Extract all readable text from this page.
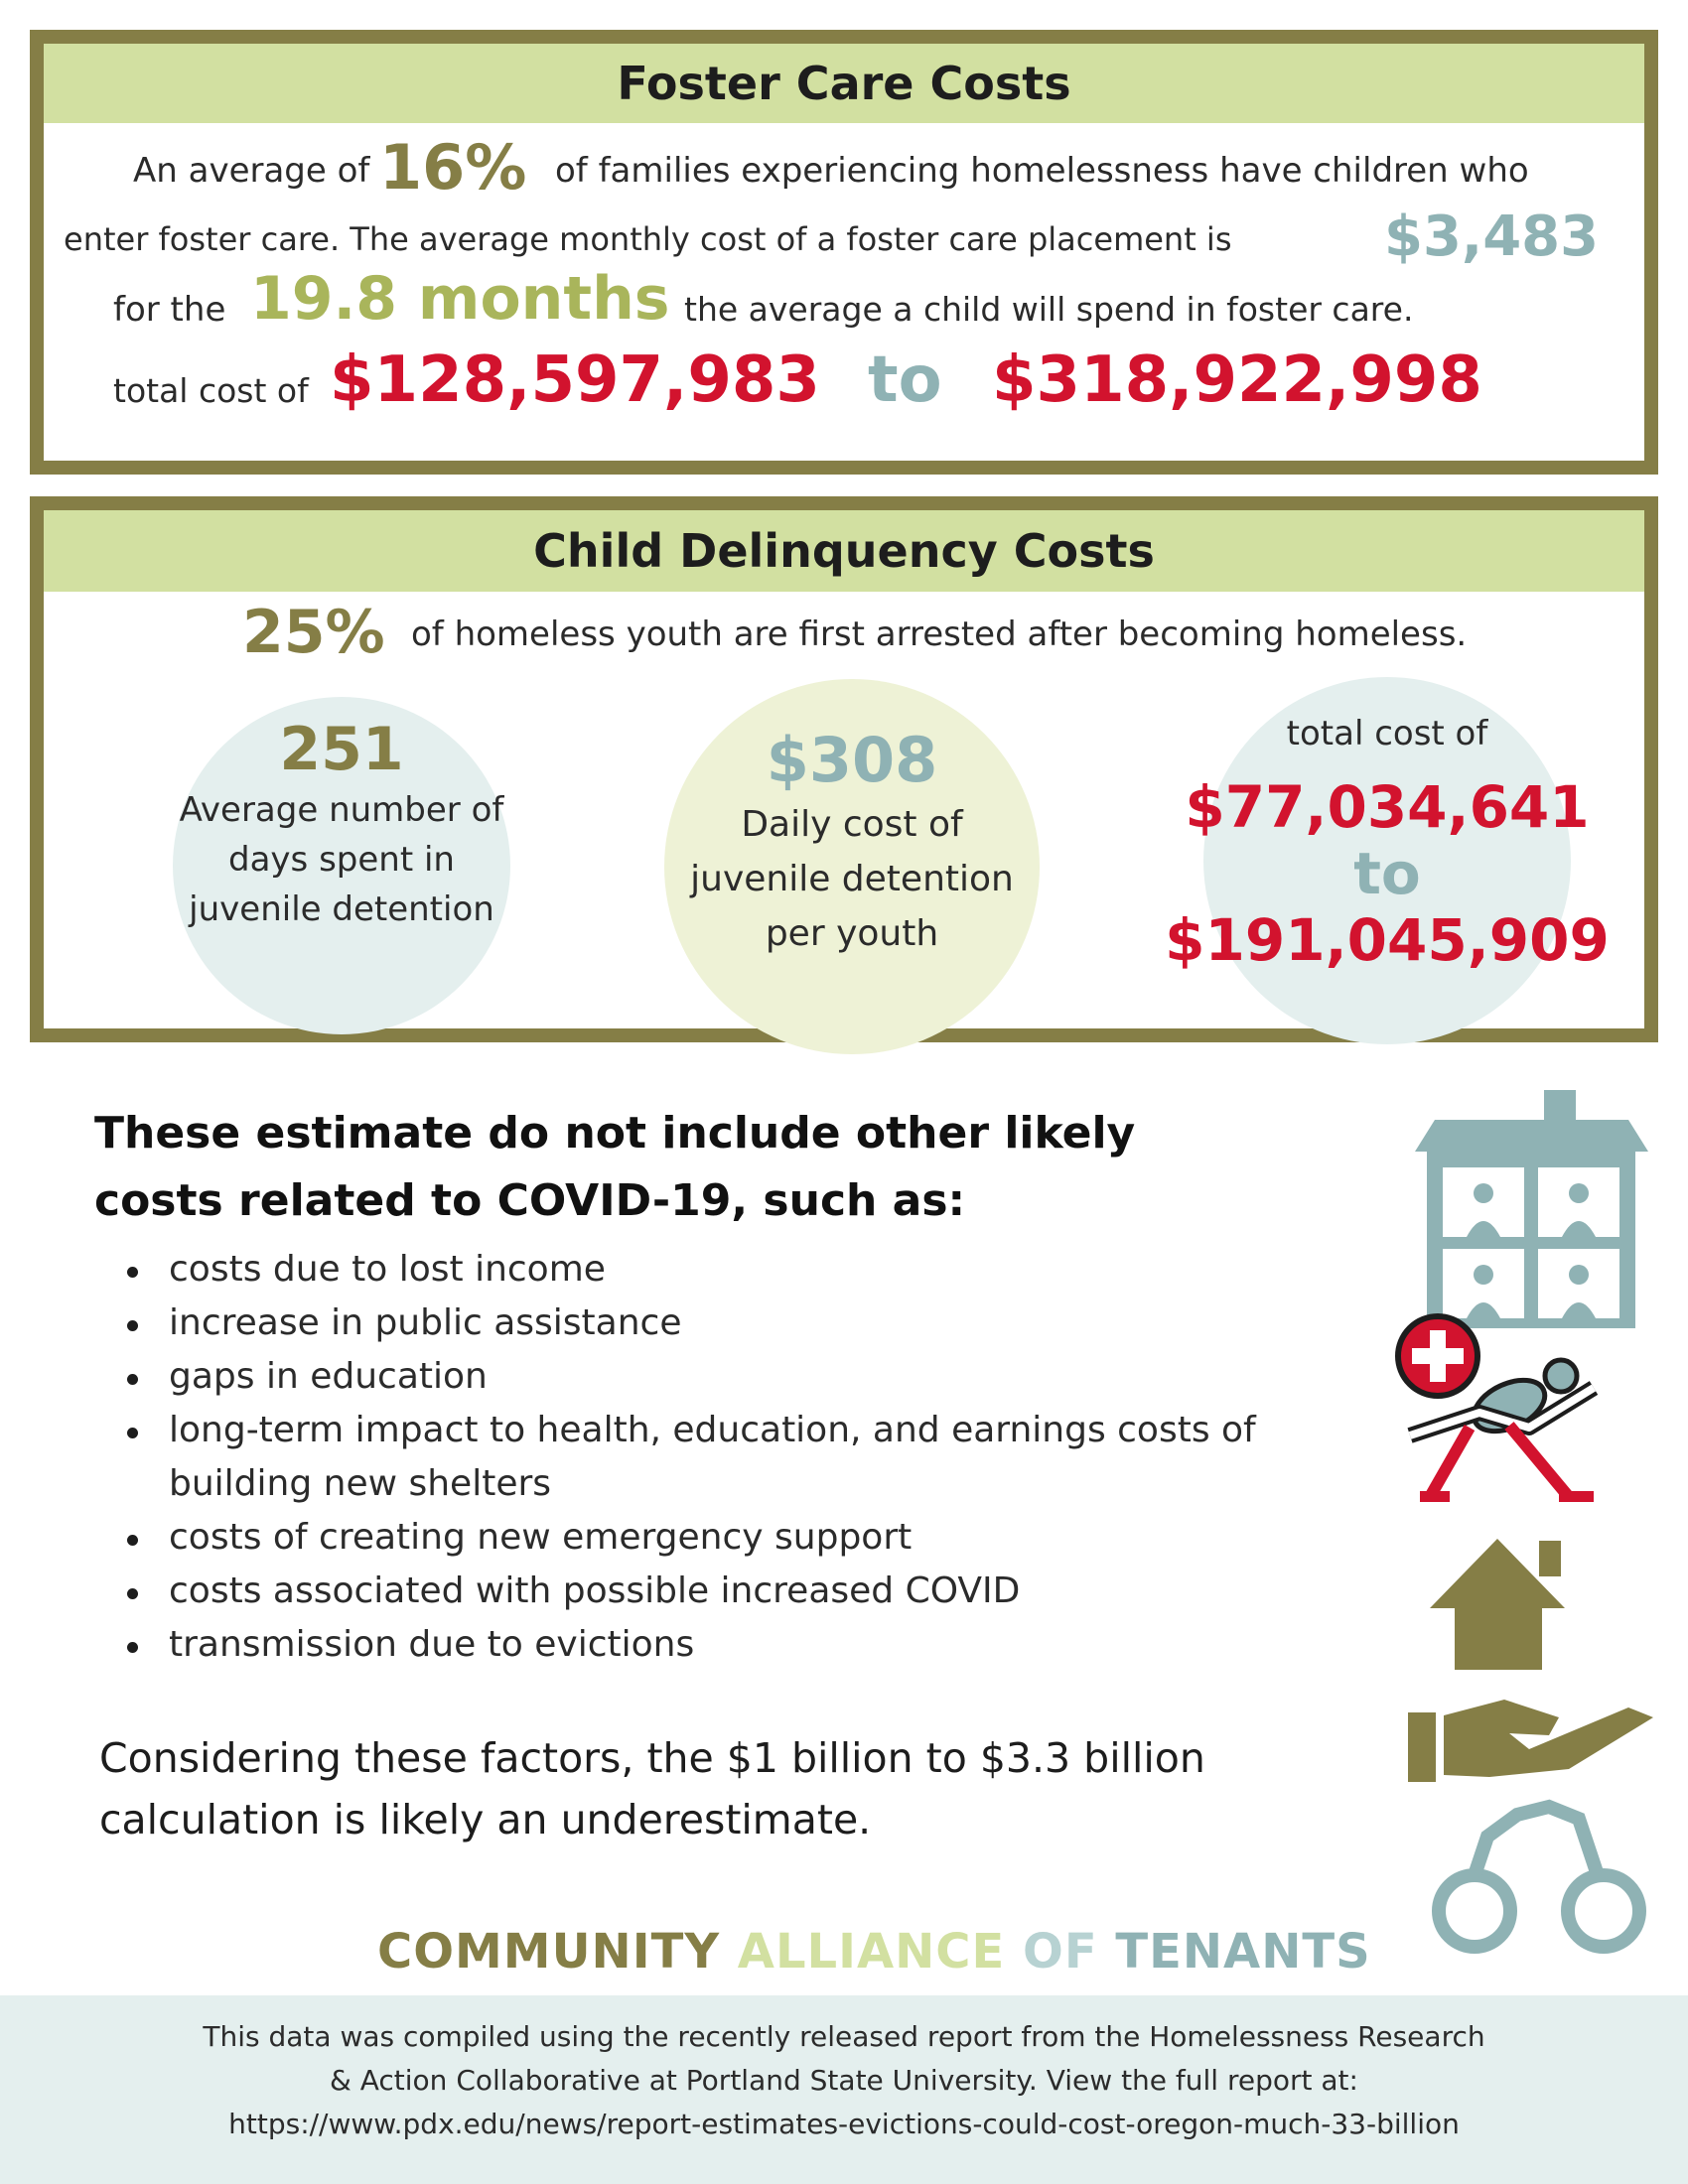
Foster Care Costs
An average of 16% of families experiencing homelessness have children who
enter foster care. The average monthly cost of a foster care placement is	$3,483
for the 19.8 months the average a child will spend in foster care.
total cost of $128,597,983 to $318,922,998
Child Delinquency Costs
25% of homeless youth are first arrested after becoming homeless.
251
Average number of
days spent in
juvenile detention
$308
Daily cost of
juvenile detention
per youth
total cost of
$77,034,641
to
$191,045,909
These estimate do not include other likely
costs related to COVID-19, such as:
costs due to lost income
increase in public assistance
gaps in education
long-term impact to health, education, and earnings costs of
building new shelters
costs of creating new emergency support
costs associated with possible increased COVID
transmission due to evictions
Considering these factors, the $1 billion to $3.3 billion
calculation is likely an underestimate.
COMMUNITY ALLIANCE OF TENANTS
This data was compiled using the recently released report from the Homelessness Research
& Action Collaborative at Portland State University. View the full report at:
https://www.pdx.edu/news/report-estimates-evictions-could-cost-oregon-much-33-billion
